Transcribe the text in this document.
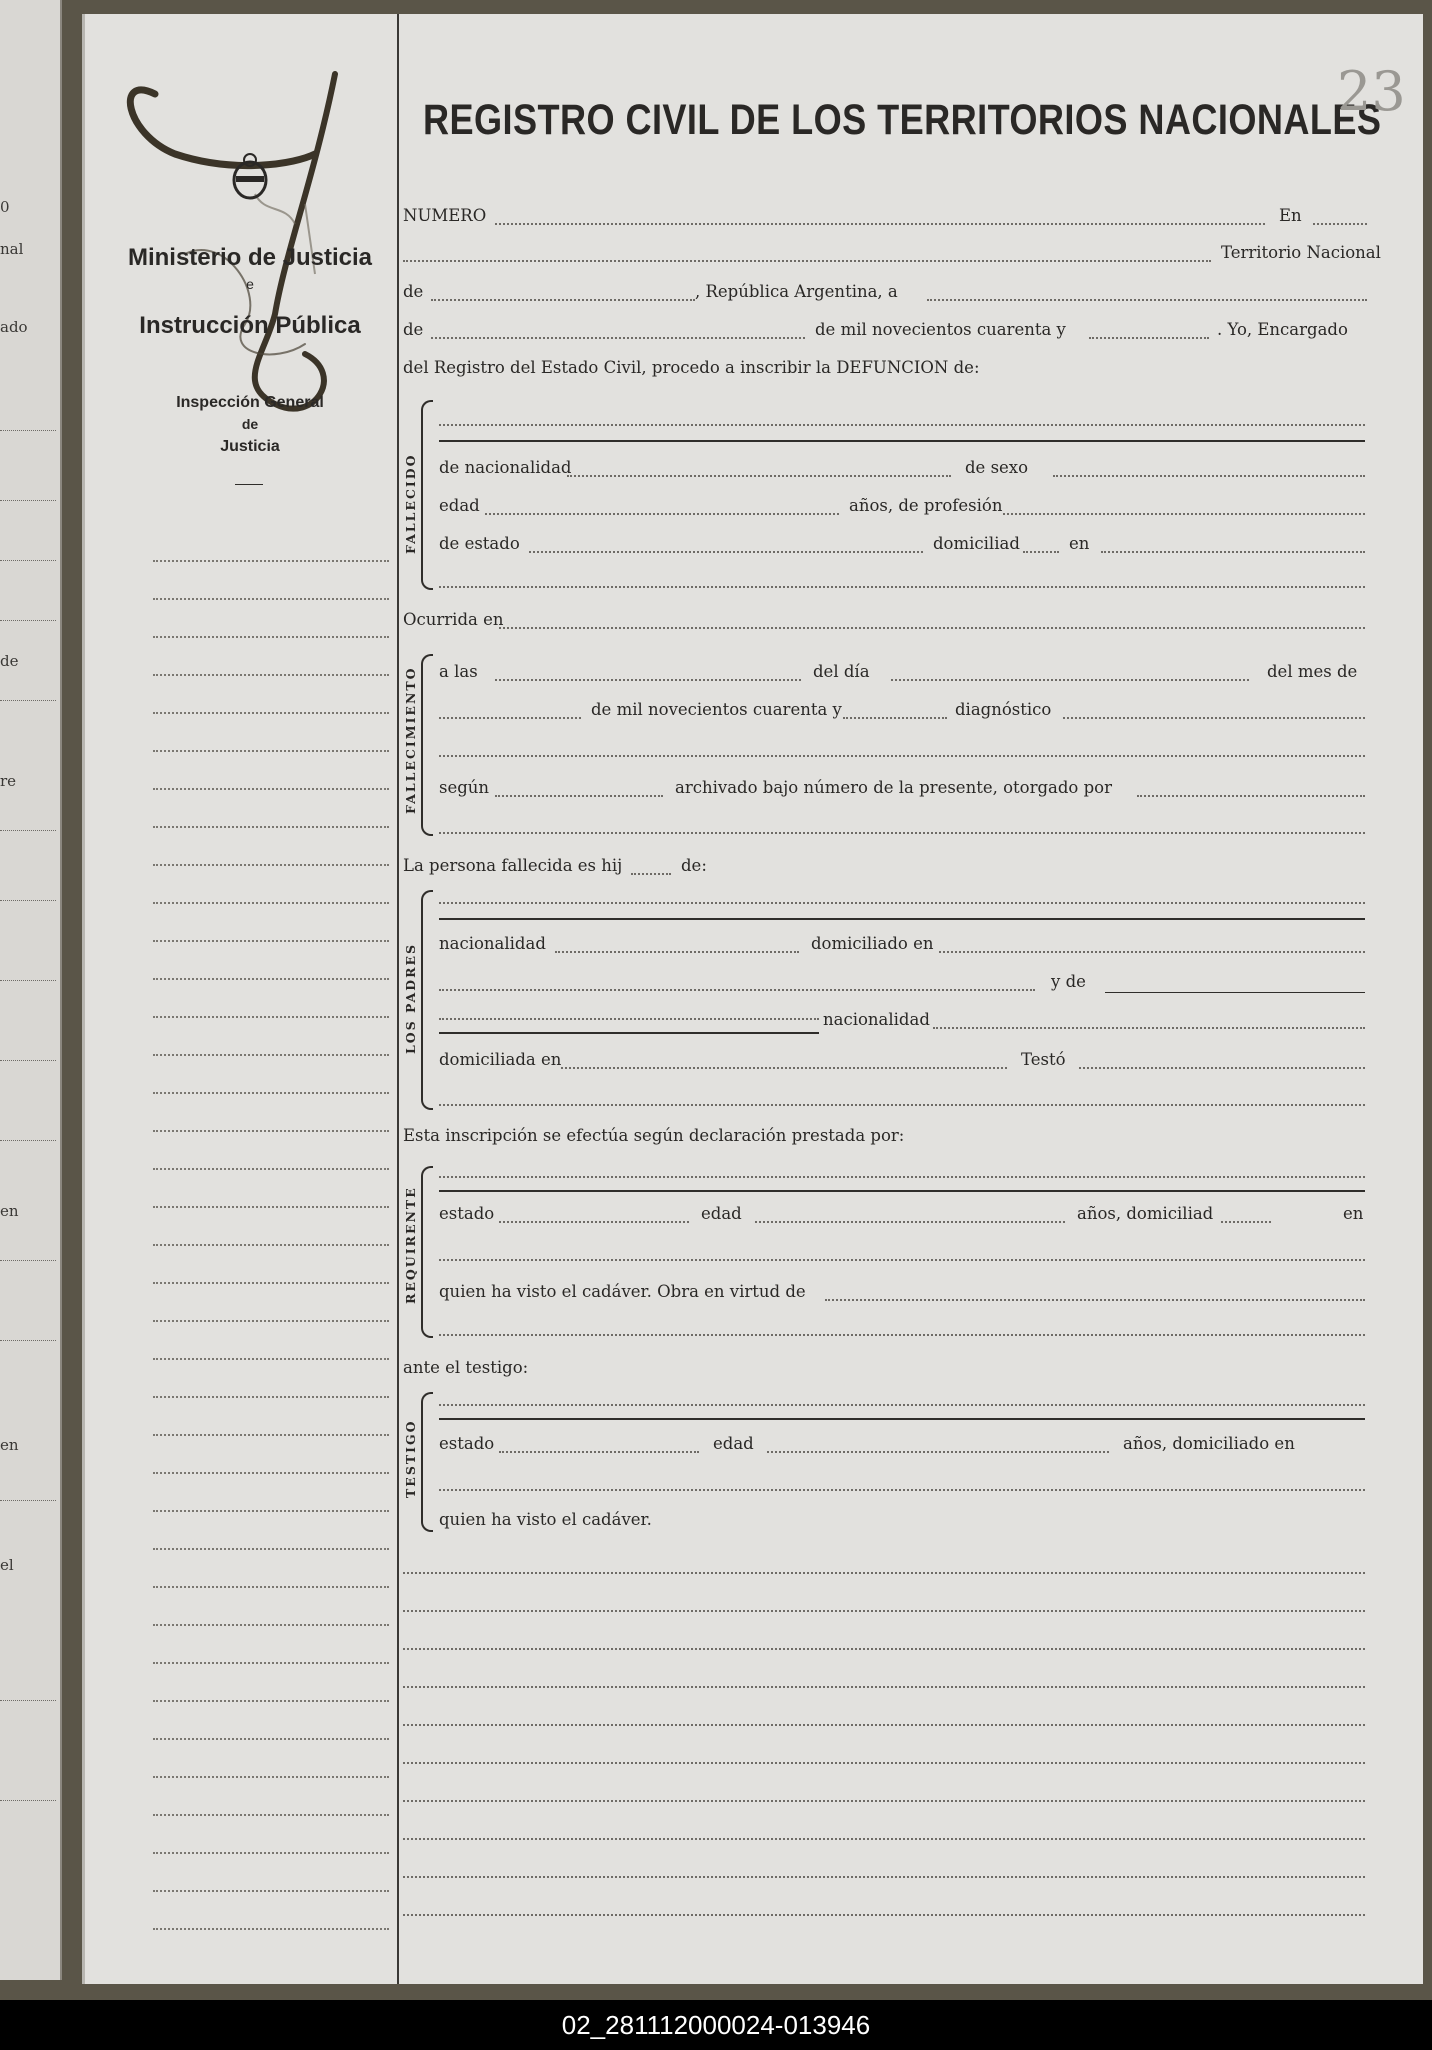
0
nal
ado
de
re
en
en
el
Ministerio de Justicia
e
Instrucción Pública
Inspección General
de
Justicia
REGISTRO CIVIL DE LOS TERRITORIOS NACIONALES
23
NUMERO	En
Territorio Nacional
de	, República Argentina, a
de	de mil novecientos cuarenta y	. Yo, Encargado
del Registro del Estado Civil, procedo a inscribir la DEFUNCION de:
FALLECIDO de nacionalidad	de sexo
edad	años, de profesión
de estado	domiciliad	en
Ocurrida en
FALLECIMIENTO a las	del día	del mes de
de mil novecientos cuarenta y	diagnóstico
según	archivado bajo número de la presente, otorgado por
La persona fallecida es hij	de:
LOS PADRES nacionalidad	domiciliado en
y de
nacionalidad
domiciliada en	Testó
Esta inscripción se efectúa según declaración prestada por:
REQUIRENTE estado	edad	años, domiciliad	en
quien ha visto el cadáver. Obra en virtud de
ante el testigo:
TESTIGO estado	edad	años, domiciliado en
quien ha visto el cadáver.
02_281112000024-013946
